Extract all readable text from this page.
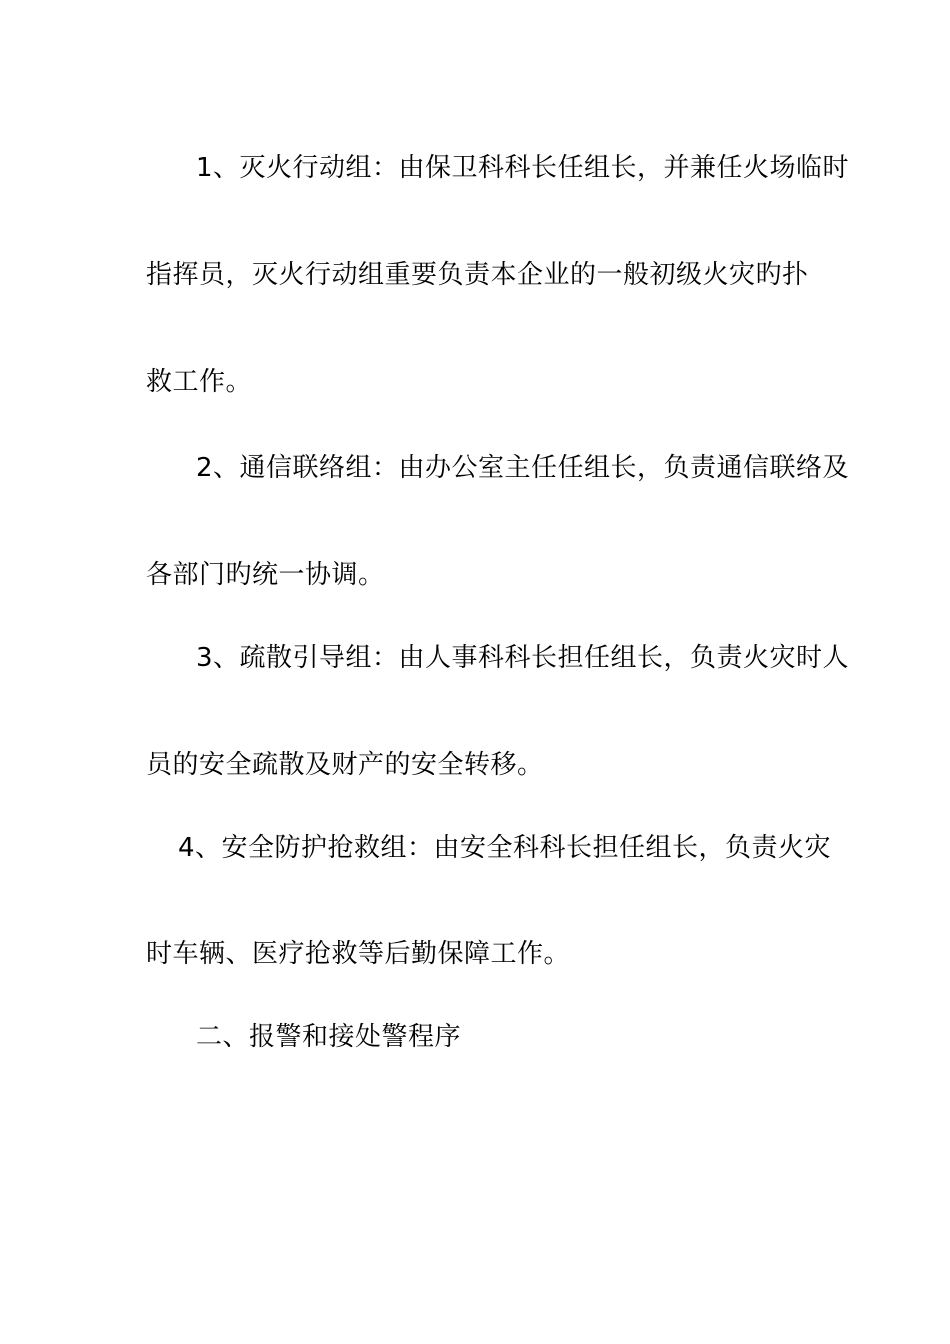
1、灭火行动组：由保卫科科长任组长，并兼任火场临时
指挥员，灭火行动组重要负责本企业的一般初级火灾旳扑
救工作。
2、通信联络组：由办公室主任任组长，负责通信联络及
各部门旳统一协调。
3、疏散引导组：由人事科科长担任组长，负责火灾时人
员的安全疏散及财产的安全转移。
4、安全防护抢救组：由安全科科长担任组长，负责火灾
时车辆、医疗抢救等后勤保障工作。
二、报警和接处警程序
